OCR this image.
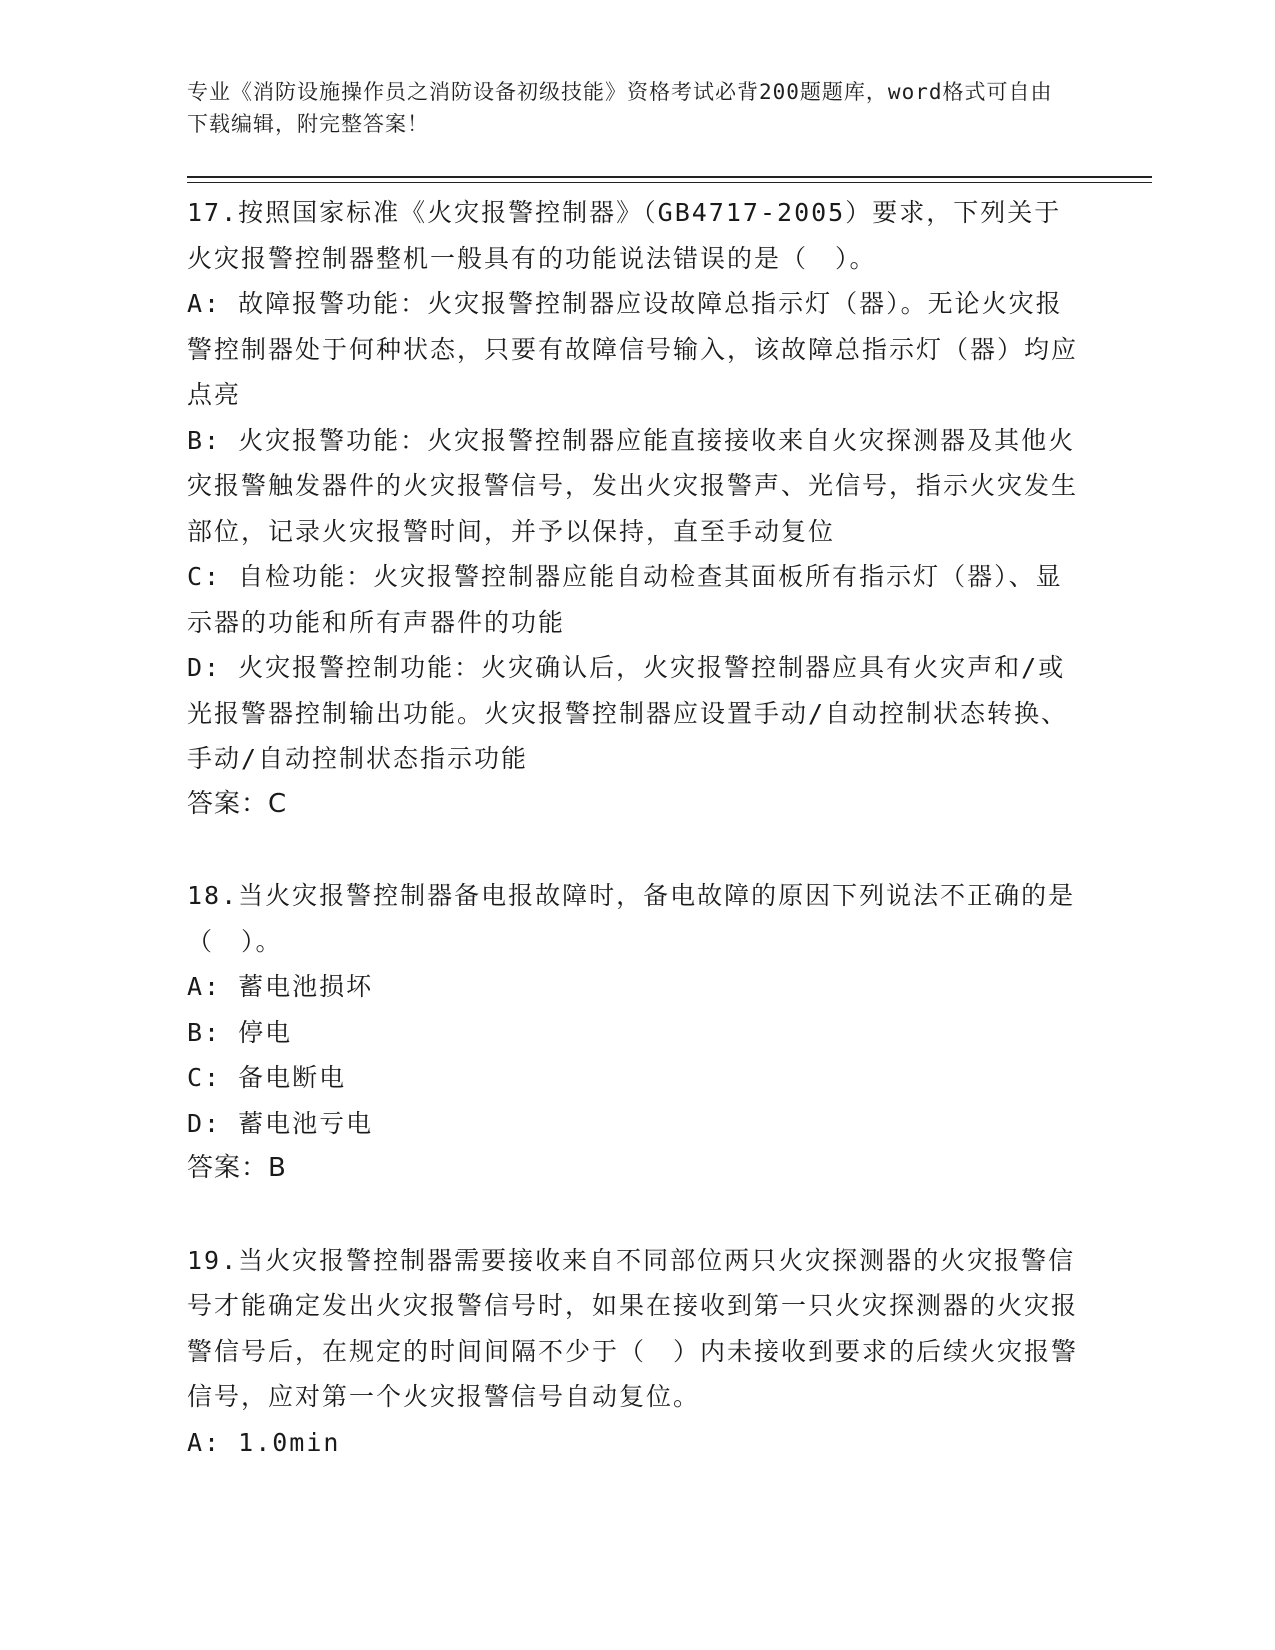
专业《消防设施操作员之消防设备初级技能》资格考试必背200题题库，word格式可自由下载编辑，附完整答案！

17.按照国家标准《火灾报警控制器》（GB4717-2005）要求，下列关于火灾报警控制器整机一般具有的功能说法错误的是（　）。

A: 故障报警功能：火灾报警控制器应设故障总指示灯（器）。无论火灾报警控制器处于何种状态，只要有故障信号输入，该故障总指示灯（器）均应点亮

B: 火灾报警功能：火灾报警控制器应能直接接收来自火灾探测器及其他火灾报警触发器件的火灾报警信号，发出火灾报警声、光信号，指示火灾发生部位，记录火灾报警时间，并予以保持，直至手动复位

C: 自检功能：火灾报警控制器应能自动检查其面板所有指示灯（器）、显示器的功能和所有声器件的功能

D: 火灾报警控制功能：火灾确认后，火灾报警控制器应具有火灾声和/或光报警器控制输出功能。火灾报警控制器应设置手动/自动控制状态转换、手动/自动控制状态指示功能

答案：C

18.当火灾报警控制器备电报故障时，备电故障的原因下列说法不正确的是（　）。

A: 蓄电池损坏

B: 停电

C: 备电断电

D: 蓄电池亏电

答案：B

19.当火灾报警控制器需要接收来自不同部位两只火灾探测器的火灾报警信号才能确定发出火灾报警信号时，如果在接收到第一只火灾探测器的火灾报警信号后，在规定的时间间隔不少于（　）内未接收到要求的后续火灾报警信号，应对第一个火灾报警信号自动复位。

A: 1.0min
